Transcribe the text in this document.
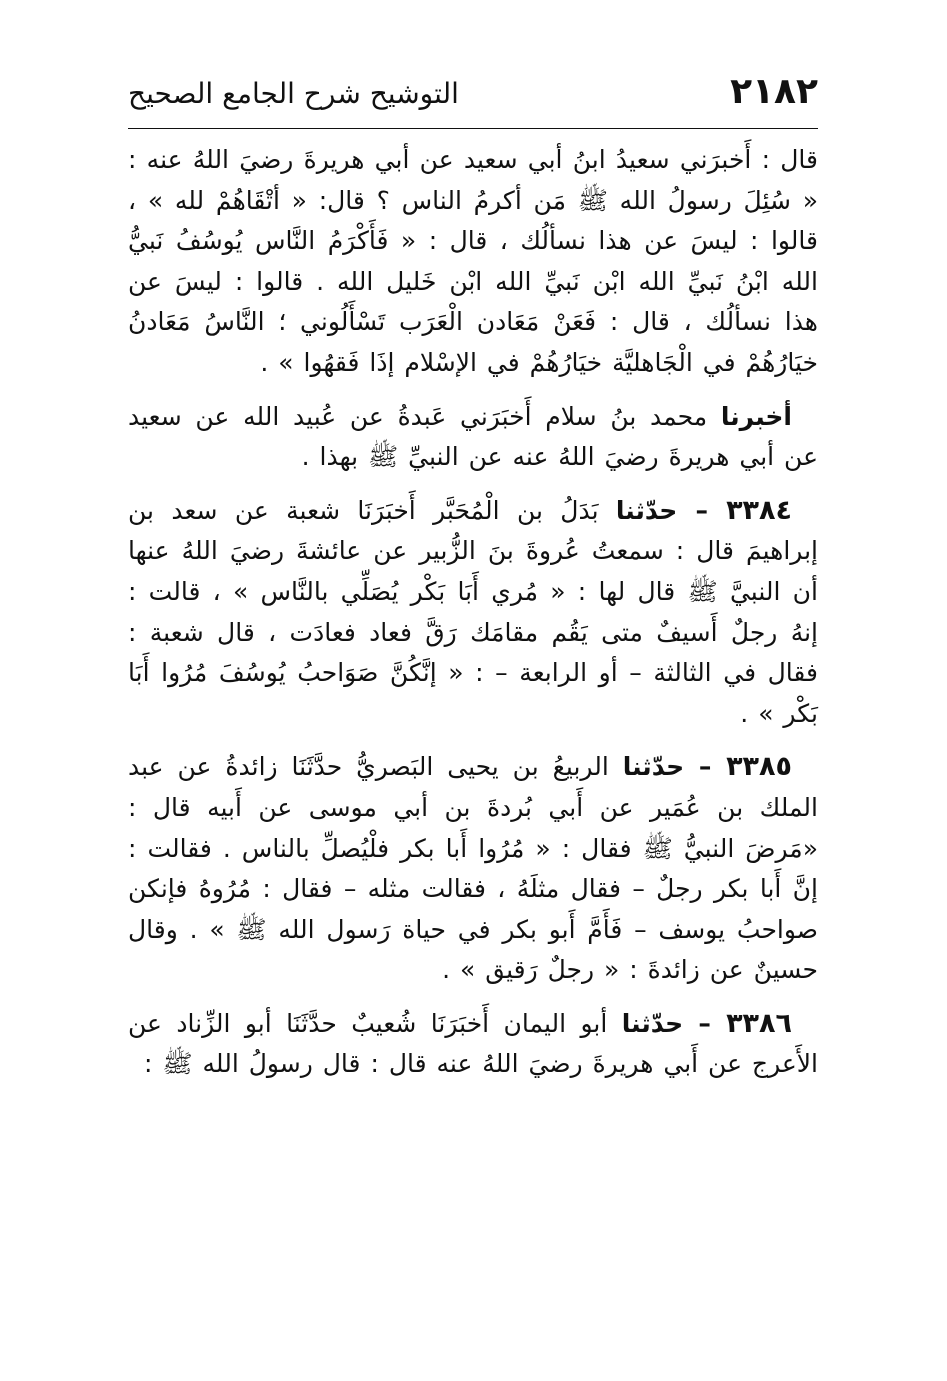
٢١٨٢
التوشيح شرح الجامع الصحيح

قال : أَخبرَني سعيدُ ابنُ أبي سعيد عن أبي هريرةَ رضيَ اللهُ عنه : « سُئِلَ رسولُ الله ﷺ مَن أكرمُ الناس ؟ قال: « أتْقَاهُمْ لله » ، قالوا : ليسَ عن هذا نسألُك ، قال : « فَأَكْرَمُ النَّاس يُوسُفُ نَبيُّ الله ابْنُ نَبيِّ الله ابْن نَبيِّ الله ابْن خَليل الله . قالوا : ليسَ عن هذا نسألُك ، قال : فَعَنْ مَعَادن الْعَرَب تَسْأَلُوني ؛ النَّاسُ مَعَادنُ خيَارُهُمْ في الْجَاهليَّة خيَارُهُمْ في الإسْلام إذَا فَقهُوا » .

أخبرنا محمد بنُ سلام أَخبَرَني عَبدةُ عن عُبيد الله عن سعيد عن أبي هريرةَ رضيَ اللهُ عنه عن النبيِّ ﷺ بهذا .

٣٣٨٤ – حدّثنا بَدَلُ بن الْمُحَبَّر أَخبَرَنَا شعبة عن سعد بن إبراهيمَ قال : سمعتُ عُروةَ بنَ الزُّبير عن عائشةَ رضيَ اللهُ عنها أن النبيَّ ﷺ قال لها : « مُري أَبَا بَكْر يُصَلِّي بالنَّاس » ، قالت : إنهُ رجلٌ أَسيفٌ متى يَقُم مقامَك رَقَّ فعاد فعادَت ، قال شعبة : فقال في الثالثة – أو الرابعة – : « إنَّكُنَّ صَوَاحبُ يُوسُفَ مُرُوا أَبَا بَكْر » .

٣٣٨٥ – حدّثنا الربيعُ بن يحيى البَصريُّ حدَّثَنَا زائدةُ عن عبد الملك بن عُمَير عن أَبي بُردةَ بن أبي موسى عن أَبيه قال : «مَرضَ النبيُّ ﷺ فقال : « مُرُوا أَبا بكر فلْيُصلِّ بالناس . فقالت : إنَّ أَبا بكر رجلٌ – فقال مثلَهُ ، فقالت مثله – فقال : مُرُوهُ فإنكن صواحبُ يوسف – فَأَمَّ أَبو بكر في حياة رَسول الله ﷺ » . وقال حسينٌ عن زائدةَ : « رجلٌ رَقيق » .

٣٣٨٦ – حدّثنا أبو اليمان أَخبَرَنَا شُعيبٌ حدَّثَنَا أبو الزِّناد عن الأَعرج عن أَبي هريرةَ رضيَ اللهُ عنه قال : قال رسولُ الله ﷺ :
